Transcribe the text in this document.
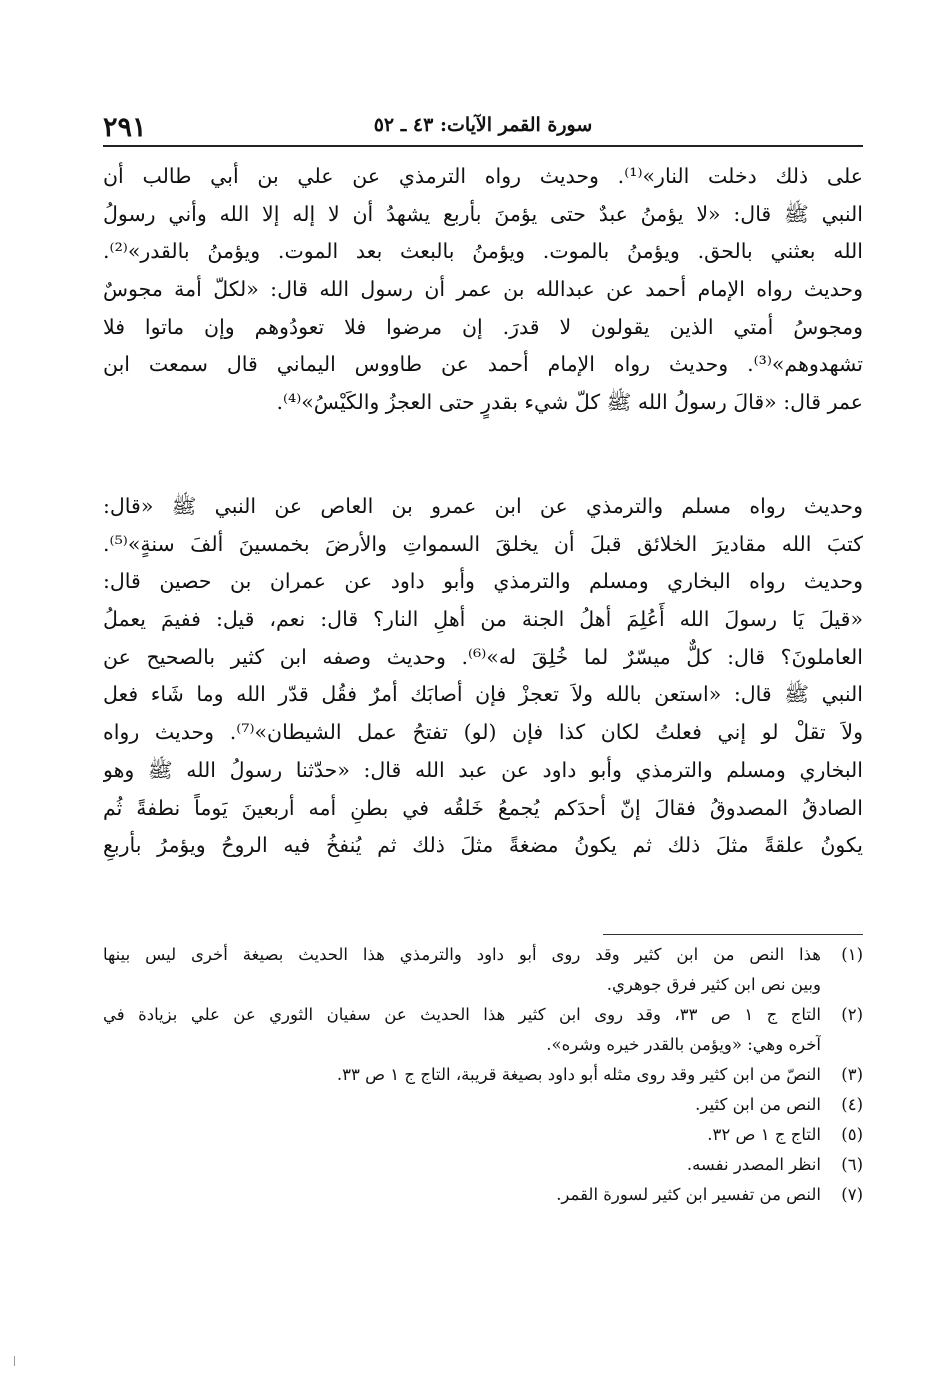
٢٩١	سورة القمر الآيات: ٤٣ ـ ٥٢
على ذلك دخلت النار»⁽¹⁾. وحديث رواه الترمذي عن علي بن أبي طالب أن
النبي ﷺ قال: «لا يؤمنُ عبدٌ حتى يؤمنَ بأربع يشهدُ أن لا إله إلا الله وأني رسولُ
الله بعثني بالحق. ويؤمنُ بالموت. ويؤمنُ بالبعث بعد الموت. ويؤمنُ بالقدر»⁽²⁾.
وحديث رواه الإمام أحمد عن عبدالله بن عمر أن رسول الله قال: «لكلّ أمة مجوسٌ
ومجوسُ أمتي الذين يقولون لا قدرَ. إن مرضوا فلا تعودُوهم وإن ماتوا فلا
تشهدوهم»⁽³⁾. وحديث رواه الإمام أحمد عن طاووس اليماني قال سمعت ابن
عمر قال: «قالَ رسولُ الله ﷺ كلّ شيء بقدرٍ حتى العجزُ والكَيْسُ»⁽⁴⁾.
وحديث رواه مسلم والترمذي عن ابن عمرو بن العاص عن النبي ﷺ «قال:
كتبَ الله مقاديرَ الخلائق قبلَ أن يخلقَ السمواتِ والأرضَ بخمسينَ ألفَ سنةٍ»⁽⁵⁾.
وحديث رواه البخاري ومسلم والترمذي وأبو داود عن عمران بن حصين قال:
«قيلَ يَا رسولَ الله أَعُلِمَ أهلُ الجنة من أهلِ النار؟ قال: نعم، قيل: ففيمَ يعملُ
العاملونَ؟ قال: كلٌّ ميسّرٌ لما خُلِقَ له»⁽⁶⁾. وحديث وصفه ابن كثير بالصحيح عن
النبي ﷺ قال: «استعن بالله ولاَ تعجزْ فإن أصابَك أمرٌ فقُل قدّر الله وما شَاء فعل
ولاَ تقلْ لو إني فعلتُ لكان كذا فإن (لو) تفتحُ عمل الشيطان»⁽⁷⁾. وحديث رواه
البخاري ومسلم والترمذي وأبو داود عن عبد الله قال: «حدّثنا رسولُ الله ﷺ وهو
الصادقُ المصدوقُ فقالَ إنّ أحدَكم يُجمعُ خَلقُه في بطنِ أمه أربعينَ يَوماً نطفةً ثُم
يكونُ علقةً مثلَ ذلك ثم يكونُ مضغةً مثلَ ذلك ثم يُنفخُ فيه الروحُ ويؤمرُ بأربعِ
(١)
هذا النص من ابن كثير وقد روى أبو داود والترمذي هذا الحديث بصيغة أخرى ليس بينها
وبين نص ابن كثير فرق جوهري.
(٢)
التاج ج ١ ص ٣٣، وقد روى ابن كثير هذا الحديث عن سفيان الثوري عن علي بزيادة في
آخره وهي: «ويؤمن بالقدر خيره وشره».
(٣)
النصّ من ابن كثير وقد روى مثله أبو داود بصيغة قريبة، التاج ج ١ ص ٣٣.
(٤)
النص من ابن كثير.
(٥)
التاج ج ١ ص ٣٢.
(٦)
انظر المصدر نفسه.
(٧)
النص من تفسير ابن كثير لسورة القمر.
